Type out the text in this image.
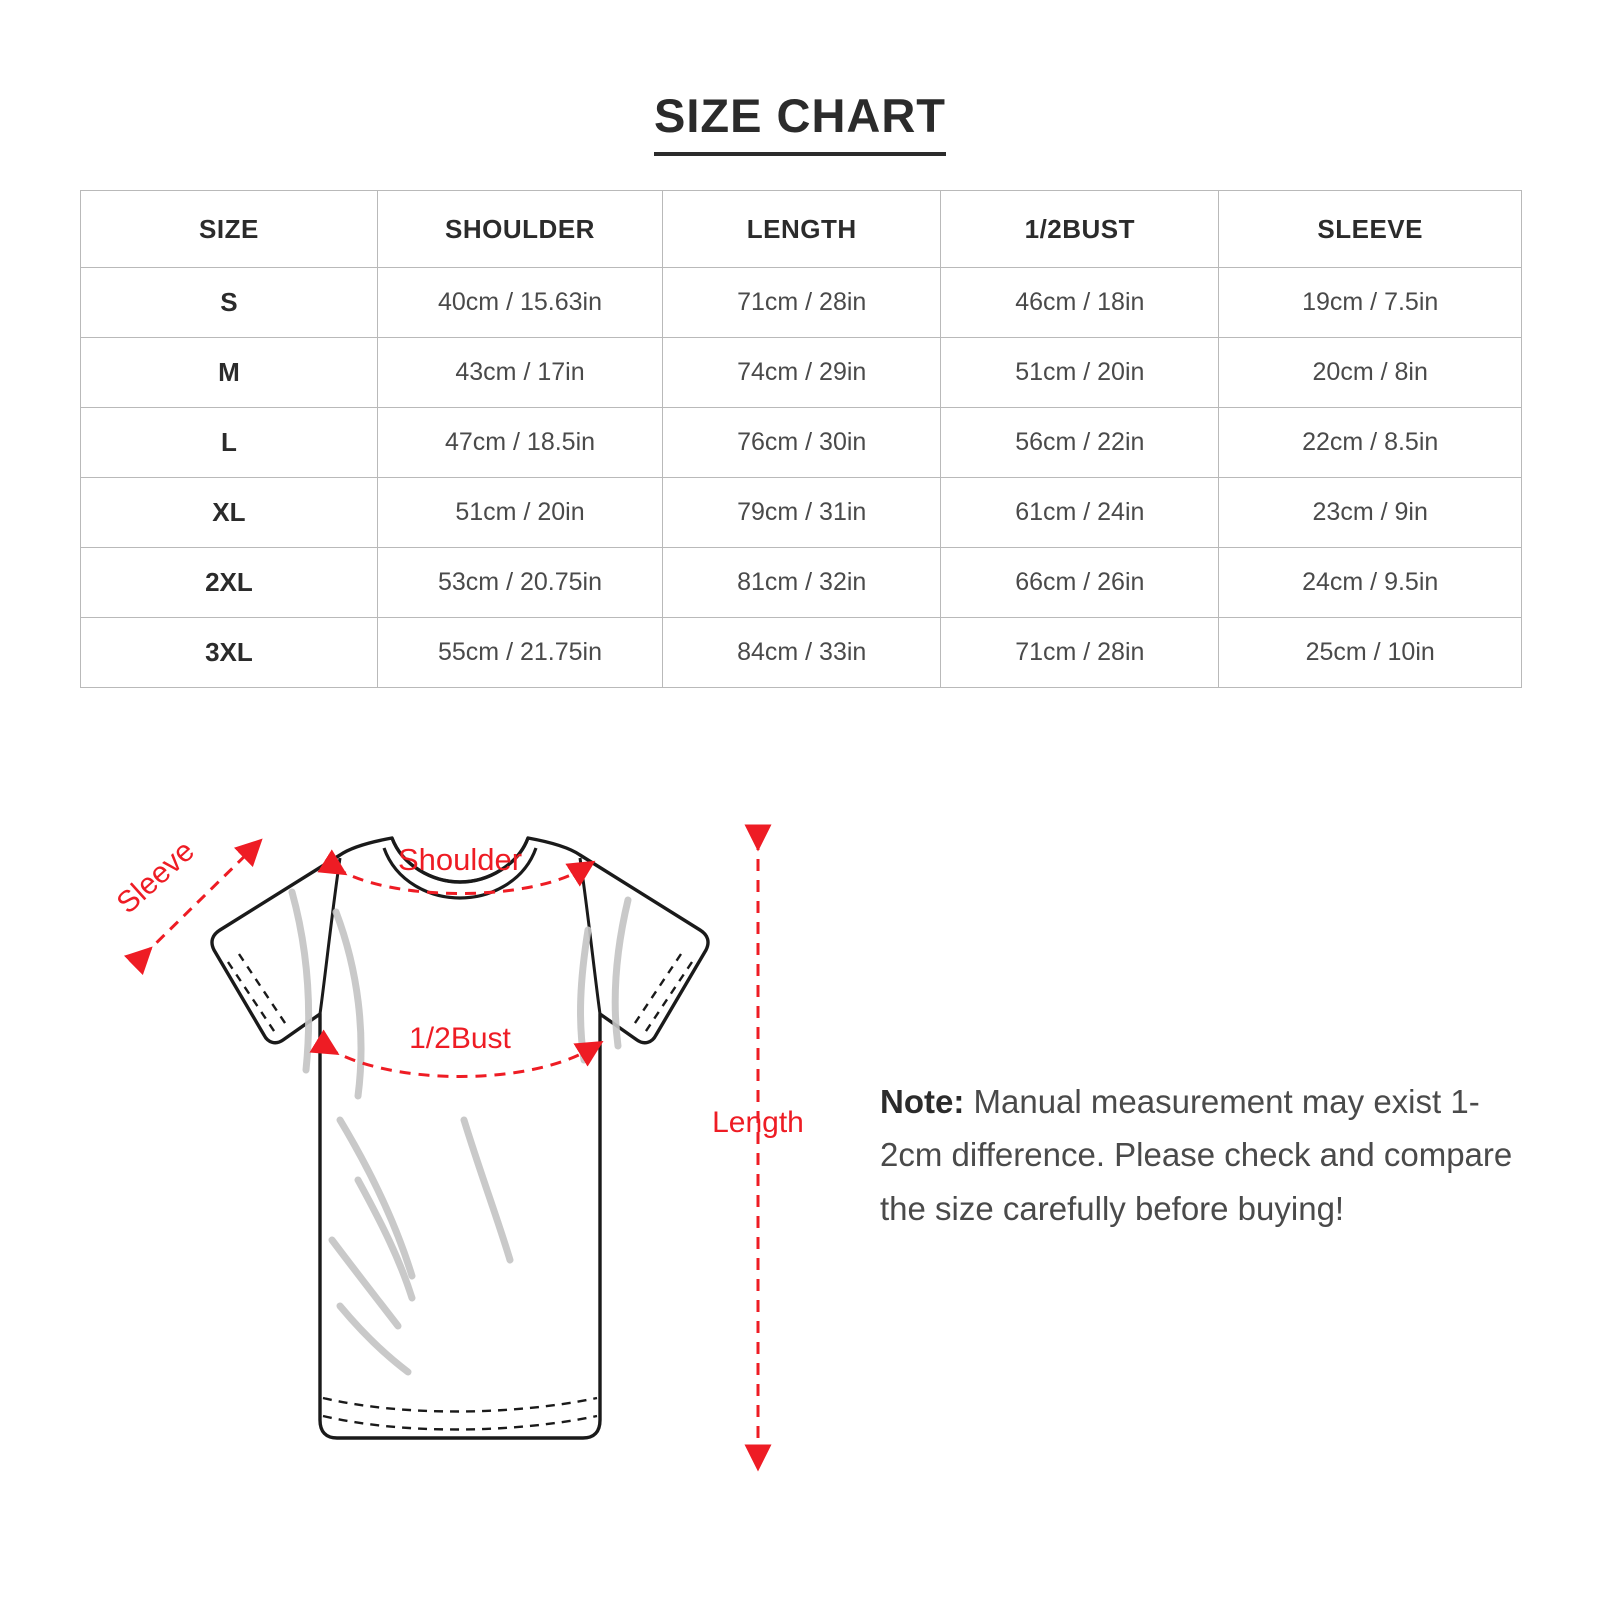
SIZE CHART
SIZE	SHOULDER	LENGTH	1/2BUST	SLEEVE
S	40cm / 15.63in	71cm / 28in	46cm / 18in	19cm / 7.5in
M	43cm / 17in	74cm / 29in	51cm / 20in	20cm / 8in
L	47cm / 18.5in	76cm / 30in	56cm / 22in	22cm / 8.5in
XL	51cm / 20in	79cm / 31in	61cm / 24in	23cm / 9in
2XL	53cm / 20.75in	81cm / 32in	66cm / 26in	24cm / 9.5in
3XL	55cm / 21.75in	84cm / 33in	71cm / 28in	25cm / 10in
Sleeve	Shoulder
1/2Bust
Length
Note: Manual measurement may exist 1-2cm difference. Please check and compare the size carefully before buying!
